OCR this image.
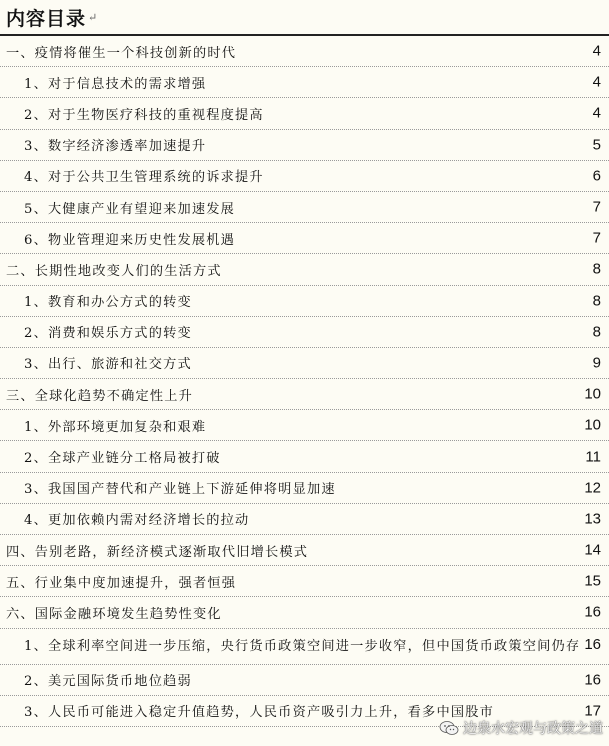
内容目录 ↵
一、疫情将催生一个科技创新的时代	4
1、对于信息技术的需求增强	4
2、对于生物医疗科技的重视程度提高	4
3、数字经济渗透率加速提升	5
4、对于公共卫生管理系统的诉求提升	6
5、大健康产业有望迎来加速发展	7
6、物业管理迎来历史性发展机遇	7
二、长期性地改变人们的生活方式	8
1、教育和办公方式的转变	8
2、消费和娱乐方式的转变	8
3、出行、旅游和社交方式	9
三、全球化趋势不确定性上升	10
1、外部环境更加复杂和艰难	10
2、全球产业链分工格局被打破	11
3、我国国产替代和产业链上下游延伸将明显加速	12
4、更加依赖内需对经济增长的拉动	13
四、告别老路，新经济模式逐渐取代旧增长模式	14
五、行业集中度加速提升，强者恒强	15
六、国际金融环境发生趋势性变化	16
1、全球利率空间进一步压缩，央行货币政策空间进一步收窄，但中国货币政策空间仍存 16
2、美元国际货币地位趋弱	16
3、人民币可能进入稳定升值趋势，人民币资产吸引力上升，看多中国股市	17
边泉水宏观与政策之道
